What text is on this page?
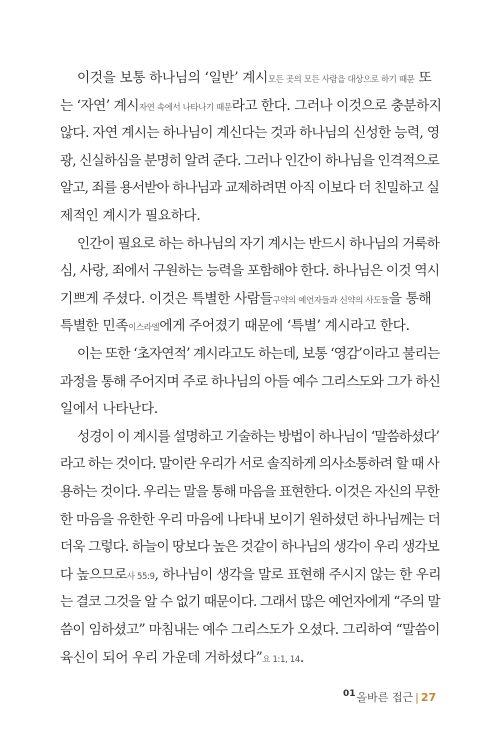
이것을 보통 하나님의 ‘일반’ 계시모든 곳의 모든 사람을 대상으로 하기 때문 또
는 ‘자연’ 계시자연 속에서 나타나기 때문라고 한다. 그러나 이것으로 충분하지
않다. 자연 계시는 하나님이 계신다는 것과 하나님의 신성한 능력, 영
광, 신실하심을 분명히 알려 준다. 그러나 인간이 하나님을 인격적으로
알고, 죄를 용서받아 하나님과 교제하려면 아직 이보다 더 친밀하고 실
제적인 계시가 필요하다.
인간이 필요로 하는 하나님의 자기 계시는 반드시 하나님의 거룩하
심, 사랑, 죄에서 구원하는 능력을 포함해야 한다. 하나님은 이것 역시
기쁘게 주셨다. 이것은 특별한 사람들구약의 예언자들과 신약의 사도들을 통해
특별한 민족이스라엘에게 주어졌기 때문에 ‘특별’ 계시라고 한다.
이는 또한 ‘초자연적’ 계시라고도 하는데, 보통 ‘영감’이라고 불리는
과정을 통해 주어지며 주로 하나님의 아들 예수 그리스도와 그가 하신
일에서 나타난다.
성경이 이 계시를 설명하고 기술하는 방법이 하나님이 ‘말씀하셨다’
라고 하는 것이다. 말이란 우리가 서로 솔직하게 의사소통하려 할 때 사
용하는 것이다. 우리는 말을 통해 마음을 표현한다. 이것은 자신의 무한
한 마음을 유한한 우리 마음에 나타내 보이기 원하셨던 하나님께는 더
더욱 그렇다. 하늘이 땅보다 높은 것같이 하나님의 생각이 우리 생각보
다 높으므로사 55:9, 하나님이 생각을 말로 표현해 주시지 않는 한 우리
는 결코 그것을 알 수 없기 때문이다. 그래서 많은 예언자에게 “주의 말
씀이 임하셨고” 마침내는 예수 그리스도가 오셨다. 그리하여 “말씀이
육신이 되어 우리 가운데 거하셨다”요 1:1, 14.
$^{01}$올바른 접근 | 27
